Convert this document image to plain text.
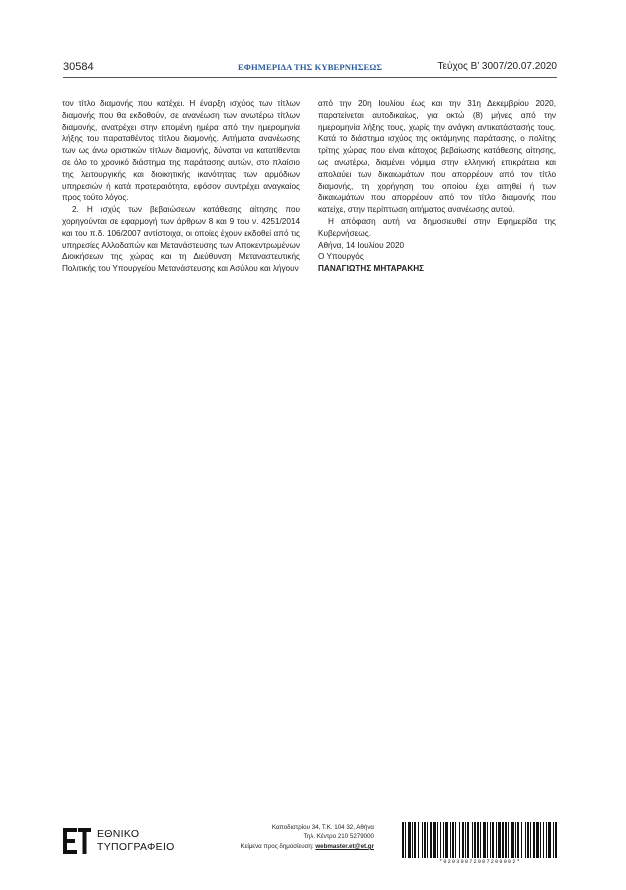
30584	ΕΦΗΜΕΡΙΔΑ ΤΗΣ ΚΥΒΕΡΝΗΣΕΩΣ	Τεύχος Β’ 3007/20.07.2020

τον τίτλο διαμονής που κατέχει. Η έναρξη ισχύος των τίτλων διαμονής που θα εκδοθούν, σε ανανέωση των ανωτέρω τίτλων διαμονής, ανατρέχει στην επομένη ημέρα από την ημερομηνία λήξης του παραταθέντος τίτλου διαμονής. Αιτήματα ανανέωσης των ως άνω οριστικών τίτλων διαμονής, δύναται να κατατίθενται σε όλο το χρονικό διάστημα της παράτασης αυτών, στο πλαίσιο της λειτουργικής και διοικητικής ικανότητας των αρμόδιων υπηρεσιών ή κατά προτεραιότητα, εφόσον συντρέχει αναγκαίος προς τούτο λόγος.

2. Η ισχύς των βεβαιώσεων κατάθεσης αίτησης που χορηγούνται σε εφαρμογή των άρθρων 8 και 9 του ν. 4251/2014 και του π.δ. 106/2007 αντίστοιχα, οι οποίες έχουν εκδοθεί από τις υπηρεσίες Αλλοδαπών και Μετανάστευσης των Αποκεντρωμένων Διοικήσεων της χώρας και τη Διεύθυνση Μεταναστευτικής Πολιτικής του Υπουργείου Μετανάστευσης και Ασύλου και λήγουν

από την 20η Ιουλίου έως και την 31η Δεκεμβρίου 2020, παρατείνεται αυτοδικαίως, για οκτώ (8) μήνες από την ημερομηνία λήξης τους, χωρίς την ανάγκη αντικατάστασής τους. Κατά το διάστημα ισχύος της οκτάμηνης παράτασης, ο πολίτης τρίτης χώρας που είναι κάτοχος βεβαίωσης κατάθεσης αίτησης, ως ανωτέρω, διαμένει νόμιμα στην ελληνική επικράτεια και απολαύει των δικαιωμάτων που απορρέουν από τον τίτλο διαμονής, τη χορήγηση του οποίου έχει αιτηθεί ή των δικαιωμάτων που απορρέουν από τον τίτλο διαμονής που κατείχε, στην περίπτωση αιτήματος ανανέωσης αυτού.

Η απόφαση αυτή να δημοσιευθεί στην Εφημερίδα της Κυβερνήσεως.

Αθήνα, 14 Ιουλίου 2020

Ο Υπουργός

ΠΑΝΑΓΙΩΤΗΣ ΜΗΤΑΡΑΚΗΣ

ΕΘΝΙΚΟ
ΤΥΠΟΓΡΑΦΕΙΟ
Καποδιστρίου 34, Τ.Κ. 104 32, Αθήνα
Τηλ. Κέντρο 210 5279000
Κείμενα προς δημοσίευση: webmaster.et@et.gr
*02030072007200002*
